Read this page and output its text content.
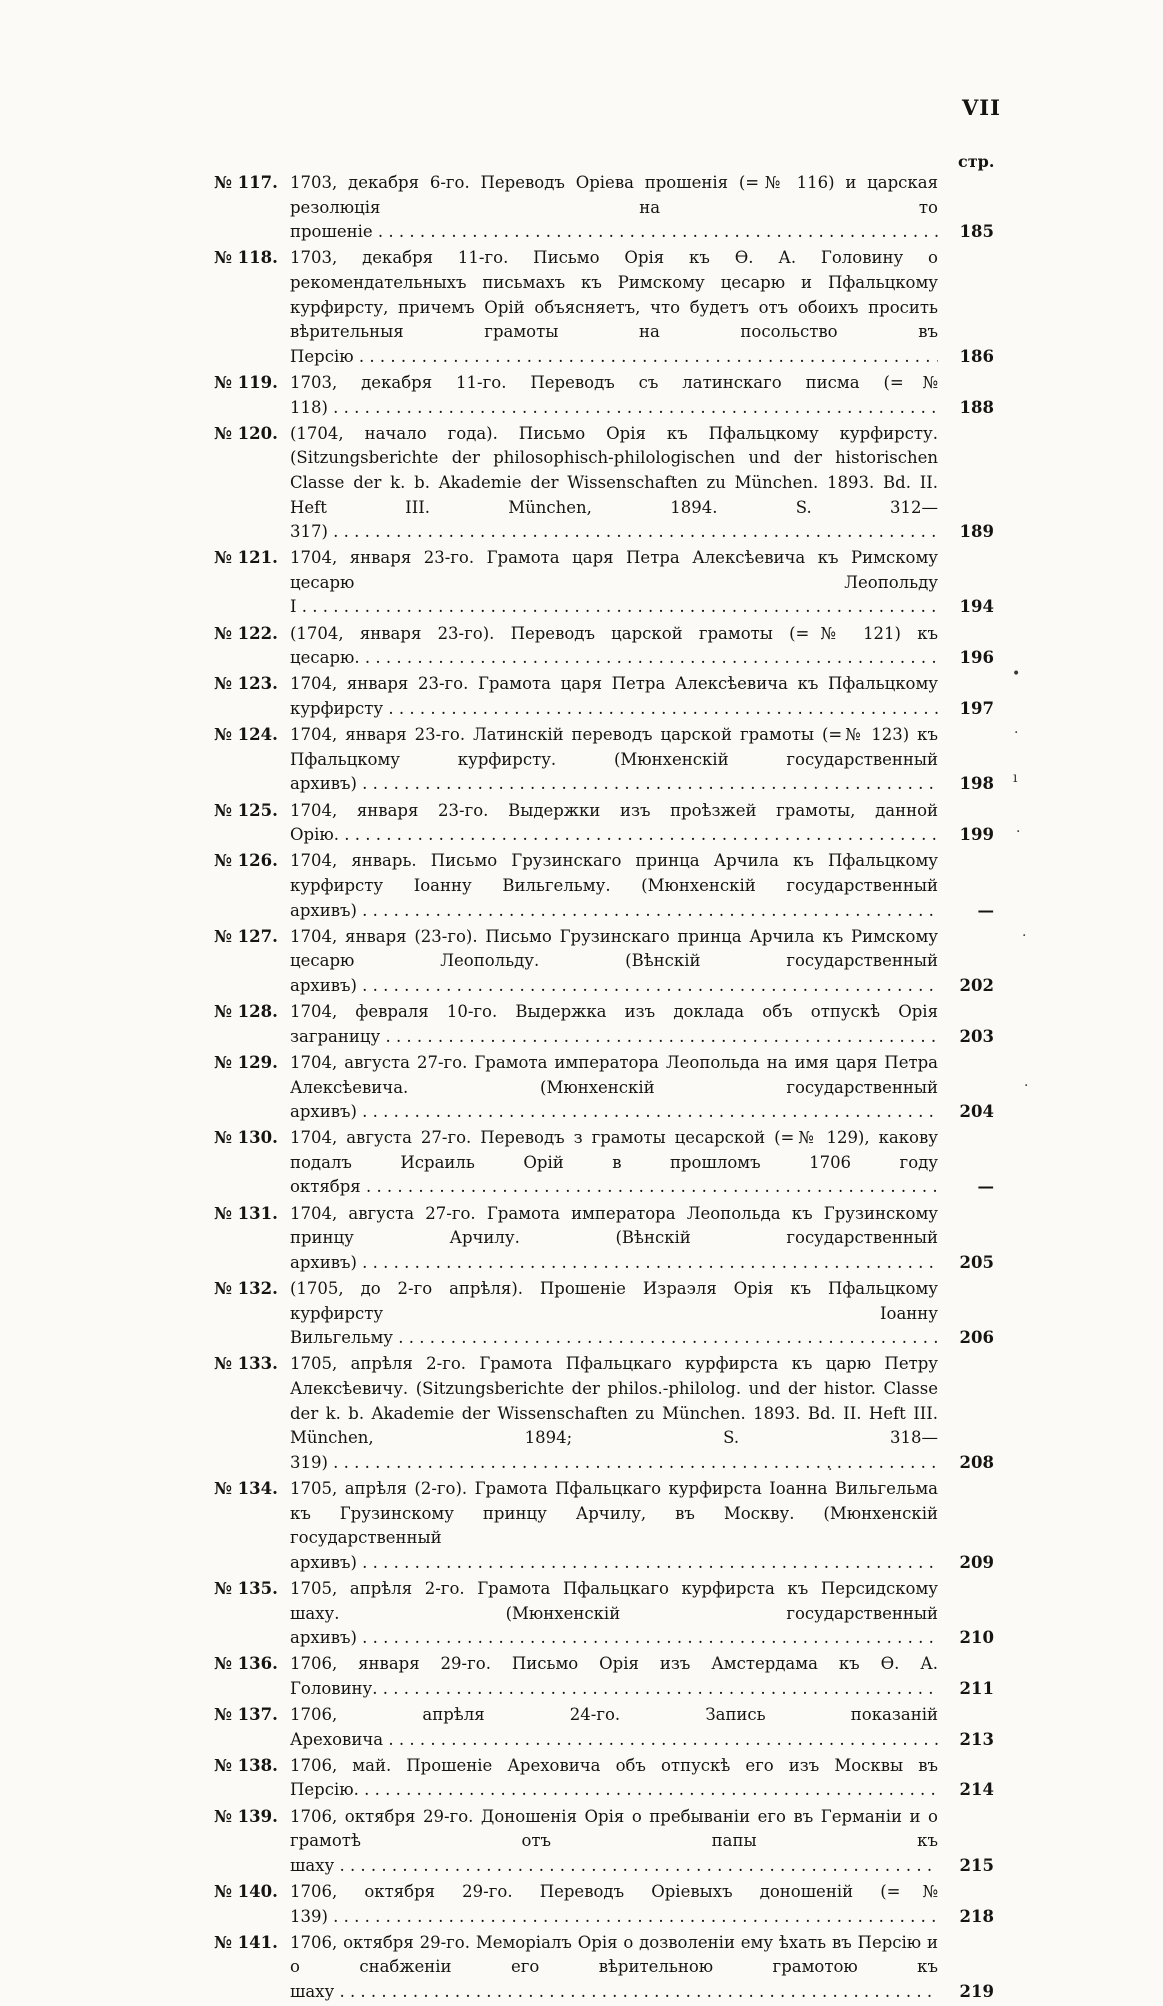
VII
стр.
№ 117. 1703, декабря 6-го. Переводъ Оріева прошенія (=№ 116) и царская резолюція на то прошеніе . . .	185
№ 118. 1703, декабря 11-го. Письмо Орія къ Ѳ. А. Головину о рекомендательныхъ письмахъ къ Римскому цесарю и Пфальцкому курфирсту, причемъ Орій объясняетъ, что будетъ отъ обоихъ просить вѣрительныя грамоты на посольство въ Персію . . .	186
№ 119. 1703, декабря 11-го. Переводъ съ латинскаго писма (=№ 118) . . .	188
№ 120. (1704, начало года). Письмо Орія къ Пфальцкому курфирсту. (Sitzungsberichte der philosophisch-philologischen und der historischen Classe der k. b. Akademie der Wissenschaften zu München. 1893. Bd. II. Heft III. München, 1894. S. 312—317) . . .	189
№ 121. 1704, января 23-го. Грамота царя Петра Алексѣевича къ Римскому цесарю Леопольду I . . .	194
№ 122. (1704, января 23-го). Переводъ царской грамоты (=№ 121) къ цесарю. . . .	196
№ 123. 1704, января 23-го. Грамота царя Петра Алексѣевича къ Пфальцкому курфирсту . . .	197
№ 124. 1704, января 23-го. Латинскій переводъ царской грамоты (=№ 123) къ Пфальцкому курфирсту. (Мюнхенскій государственный архивъ) . . .	198
№ 125. 1704, января 23-го. Выдержки изъ проѣзжей грамоты, данной Орію. . . .	199
№ 126. 1704, январь. Письмо Грузинскаго принца Арчила къ Пфальцкому курфирсту Іоанну Вильгельму. (Мюнхенскій государственный архивъ) . . .	—
№ 127. 1704, января (23-го). Письмо Грузинскаго принца Арчила къ Римскому цесарю Леопольду. (Вѣнскій государственный архивъ) . . .	202
№ 128. 1704, февраля 10-го. Выдержка изъ доклада объ отпускѣ Орія заграницу . . .	203
№ 129. 1704, августа 27-го. Грамота императора Леопольда на имя царя Петра Алексѣевича. (Мюнхенскій государственный архивъ) . . .	204
№ 130. 1704, августа 27-го. Переводъ з грамоты цесарской (=№ 129), какову подалъ Исраиль Орій в прошломъ 1706 году октября . . .	—
№ 131. 1704, августа 27-го. Грамота императора Леопольда къ Грузинскому принцу Арчилу. (Вѣнскій государственный архивъ) . . .	205
№ 132. (1705, до 2-го апрѣля). Прошеніе Израэля Орія къ Пфальцкому курфирсту Іоанну Вильгельму . . .	206
№ 133. 1705, апрѣля 2-го. Грамота Пфальцкаго курфирста къ царю Петру Алексѣевичу. (Sitzungsberichte der philos.-philolog. und der histor. Classe der k. b. Akademie der Wissenschaften zu München. 1893. Bd. II. Heft III. München, 1894; S. 318—319) . . .	208
№ 134. 1705, апрѣля (2-го). Грамота Пфальцкаго курфирста Іоанна Вильгельма къ Грузинскому принцу Арчилу, въ Москву. (Мюнхенскій государственный архивъ) . . .	209
№ 135. 1705, апрѣля 2-го. Грамота Пфальцкаго курфирста къ Персидскому шаху. (Мюнхенскій государственный архивъ) . . .	210
№ 136. 1706, января 29-го. Письмо Орія изъ Амстердама къ Ѳ. А. Головину. . . .	211
№ 137. 1706, апрѣля 24-го. Запись показаній Ареховича . . .	213
№ 138. 1706, май. Прошеніе Ареховича объ отпускѣ его изъ Москвы въ Персію. . . .	214
№ 139. 1706, октября 29-го. Доношенія Орія о пребываніи его въ Германіи и о грамотѣ отъ папы къ шаху . . .	215
№ 140. 1706, октября 29-го. Переводъ Оріевыхъ доношеній (=№ 139) . . .	218
№ 141. 1706, октября 29-го. Меморіалъ Орія о дозволеніи ему ѣхать въ Персію и о снабженіи его вѣрительною грамотою къ шаху . . .	219
•
·
ı
·
·
·
·
